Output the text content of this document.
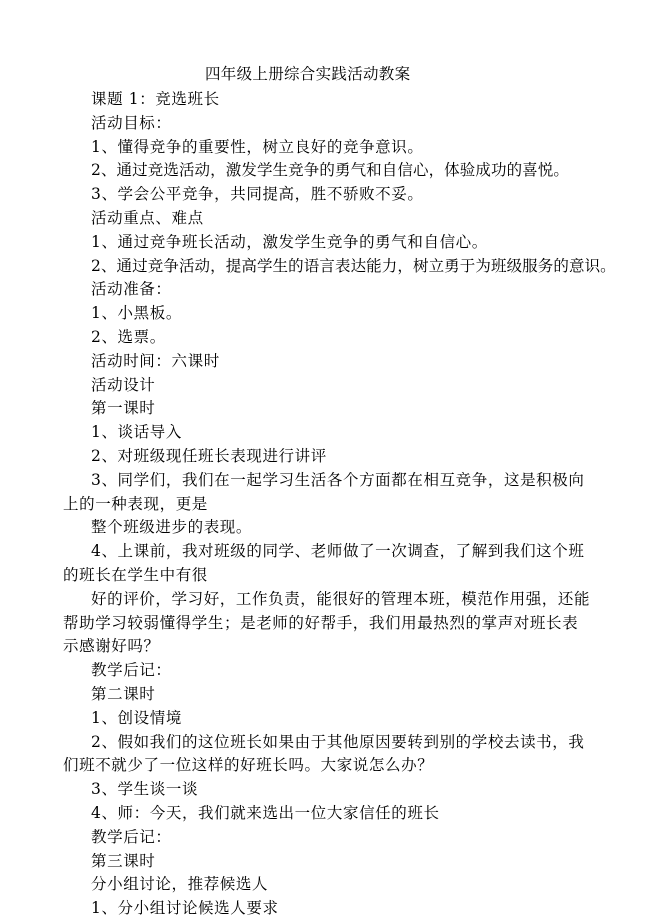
四年级上册综合实践活动教案

课题 1：竞选班长

活动目标：

1、懂得竞争的重要性，树立良好的竞争意识。

2、通过竞选活动，激发学生竞争的勇气和自信心，体验成功的喜悦。

3、学会公平竞争，共同提高，胜不骄败不妥。

活动重点、难点

1、通过竞争班长活动，激发学生竞争的勇气和自信心。

2、通过竞争活动，提高学生的语言表达能力，树立勇于为班级服务的意识。

活动准备：

1、小黑板。

2、选票。

活动时间：六课时

活动设计

第一课时

1、谈话导入

2、对班级现任班长表现进行讲评

3、同学们，我们在一起学习生活各个方面都在相互竞争，这是积极向上的一种表现，更是

整个班级进步的表现。

4、上课前，我对班级的同学、老师做了一次调查，了解到我们这个班的班长在学生中有很

好的评价，学习好，工作负责，能很好的管理本班，模范作用强，还能帮助学习较弱懂得学生；是老师的好帮手，我们用最热烈的掌声对班长表示感谢好吗？

教学后记：

第二课时

1、创设情境

2、假如我们的这位班长如果由于其他原因要转到别的学校去读书，我们班不就少了一位这样的好班长吗。大家说怎么办？

3、学生谈一谈

4、师：今天，我们就来选出一位大家信任的班长

教学后记：

第三课时

分小组讨论，推荐候选人

1、分小组讨论候选人要求
